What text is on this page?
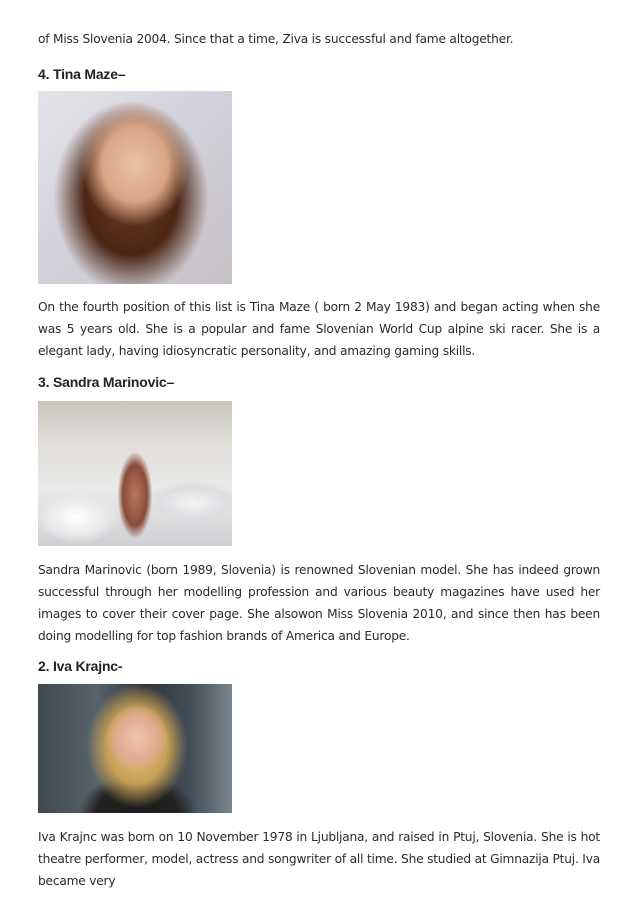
of Miss Slovenia 2004. Since that a time, Ziva is successful and fame altogether.

4. Tina Maze–

On the fourth position of this list is Tina Maze ( born 2 May 1983) and began acting when she was 5 years old. She is a popular and fame Slovenian World Cup alpine ski racer. She is a elegant lady, having idiosyncratic personality, and amazing gaming skills.

3. Sandra Marinovic–

Sandra Marinovic (born 1989, Slovenia) is renowned Slovenian model. She has indeed grown successful through her modelling profession and various beauty magazines have used her images to cover their cover page. She alsowon Miss Slovenia 2010, and since then has been doing modelling for top fashion brands of America and Europe.

2. Iva Krajnc-

Iva Krajnc was born on 10 November 1978 in Ljubljana, and raised in Ptuj, Slovenia. She is hot theatre performer, model, actress and songwriter of all time. She studied at Gimnazija Ptuj. Iva became very
